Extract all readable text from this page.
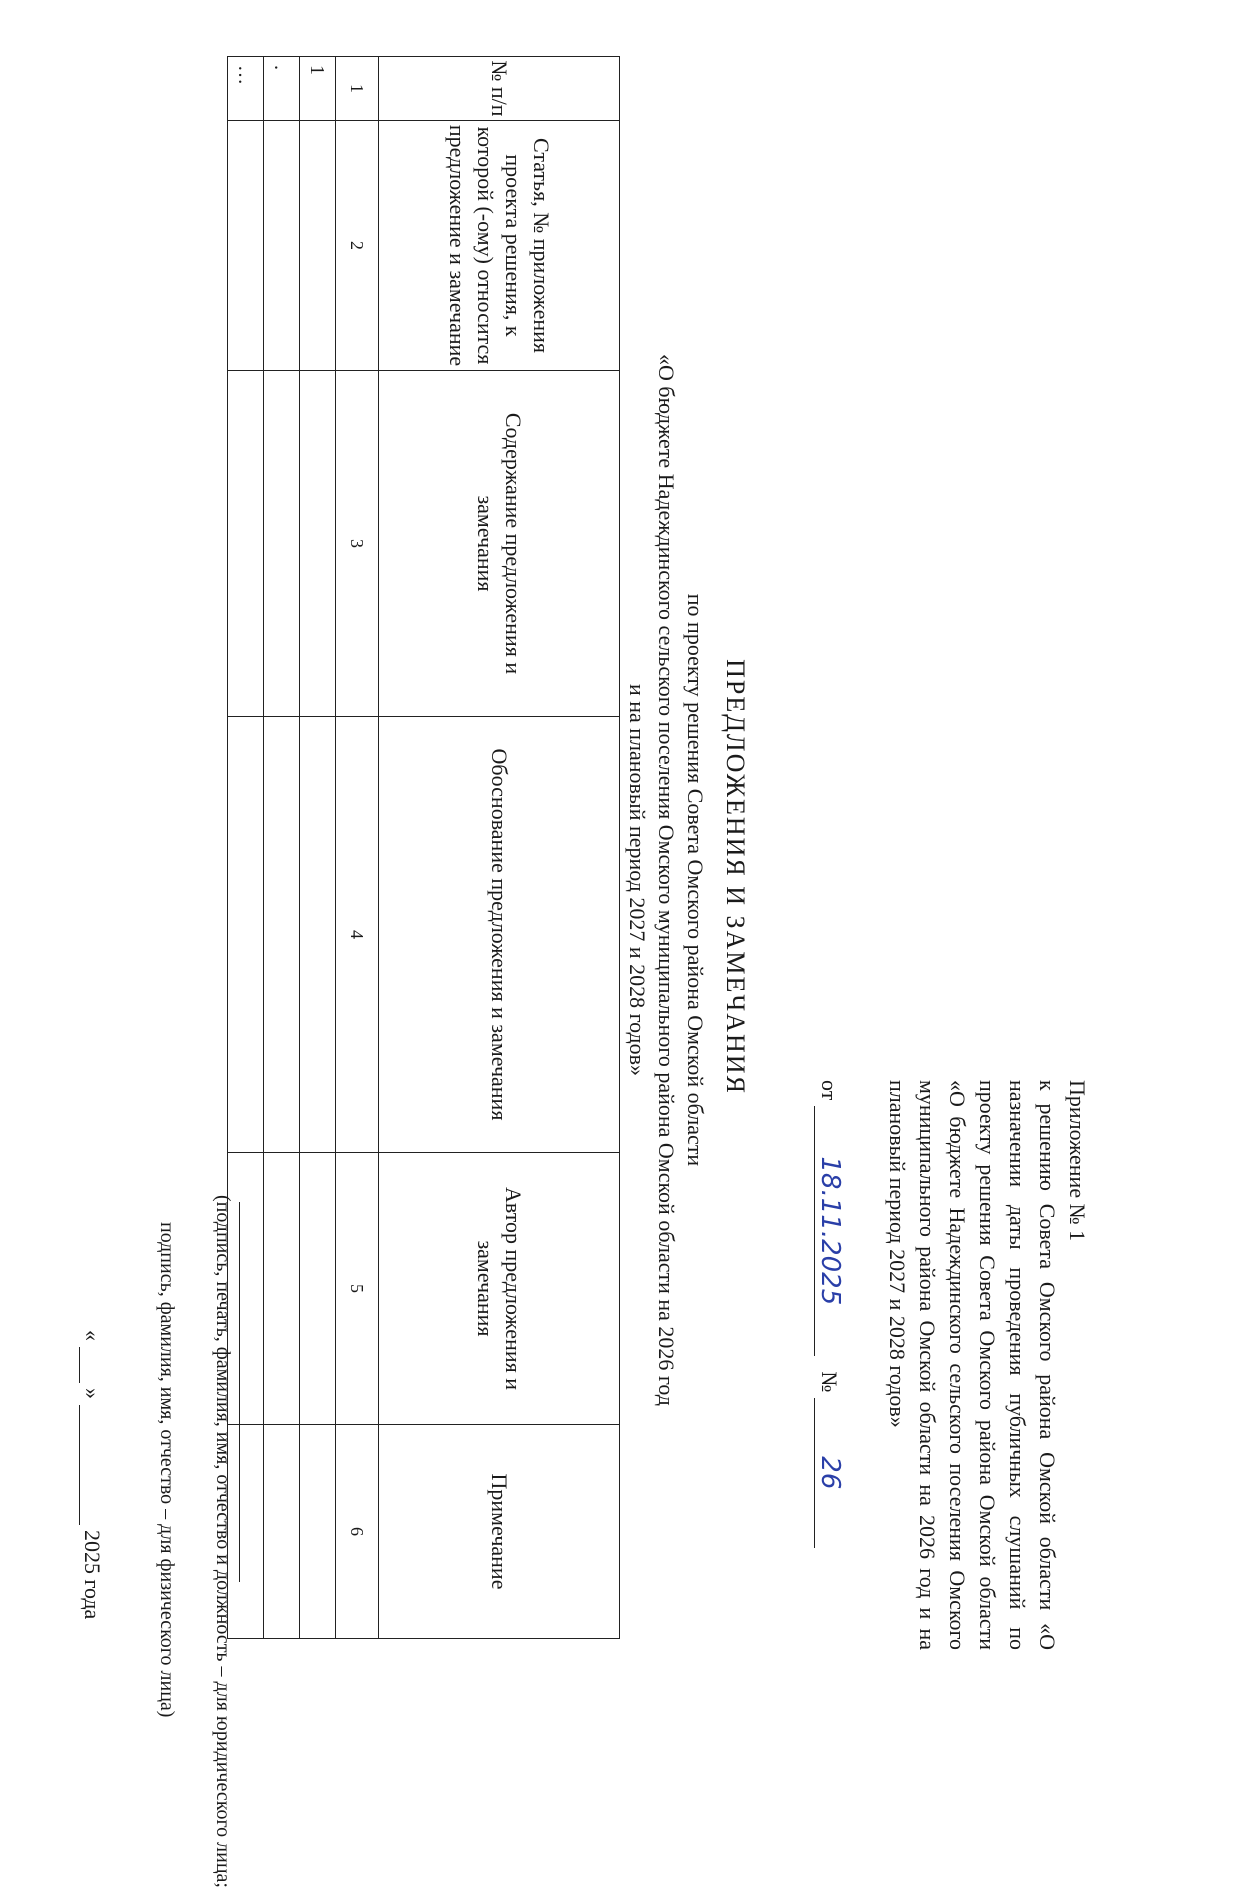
Приложение № 1
к решению Совета Омского района Омской области «О назначении даты проведения публичных слушаний по проекту решения Совета Омского района Омской области «О бюджете Надеждинского сельского поселения Омского муниципального района Омской области на 2026 год и на плановый период 2027 и 2028 годов»
от 18.11.2025 № 26
ПРЕДЛОЖЕНИЯ И ЗАМЕЧАНИЯ
по проекту решения Совета Омского района Омской области
«О бюджете Надеждинского сельского поселения Омского муниципального района Омской области на 2026 год
и на плановый период 2027 и 2028 годов»
№ п/п	Статья, № приложения проекта решения, к которой (-ому) относится предложение и замечание	Содержание предложения и замечания	Обоснование предложения и замечания	Автор предложения и замечания	Примечание
1	2	3	4	5	6
1					
.					
…					
(подпись, печать, фамилия, имя, отчество и должность – для юридического лица;
подпись, фамилия, имя, отчество – для физического лица)
«  »  2025 года
